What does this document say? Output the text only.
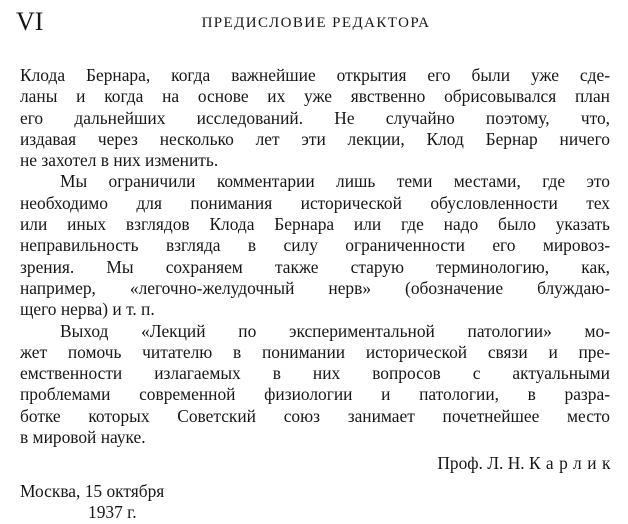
VI	ПРЕДИСЛОВИЕ РЕДАКТОРА
Клода Бернара, когда важнейшие открытия его были уже сде-
ланы и когда на основе их уже явственно обрисовывался план
его дальнейших исследований. Не случайно поэтому, что,
издавая через несколько лет эти лекции, Клод Бернар ничего
не захотел в них изменить.
Мы ограничили комментарии лишь теми местами, где это
необходимо для понимания исторической обусловленности тех
или иных взглядов Клода Бернара или где надо было указать
неправильность взгляда в силу ограниченности его мировоз-
зрения. Мы сохраняем также старую терминологию, как,
например, «легочно-желудочный нерв» (обозначение блуждаю-
щего нерва) и т. п.
Выход «Лекций по экспериментальной патологии» мо-
жет помочь читателю в понимании исторической связи и пре-
емственности излагаемых в них вопросов с актуальными
проблемами современной физиологии и патологии, в разра-
ботке которых Советский союз занимает почетнейшее место
в мировой науке.
Проф. Л. Н. Карлик
Москва, 15 октября
1937 г.
